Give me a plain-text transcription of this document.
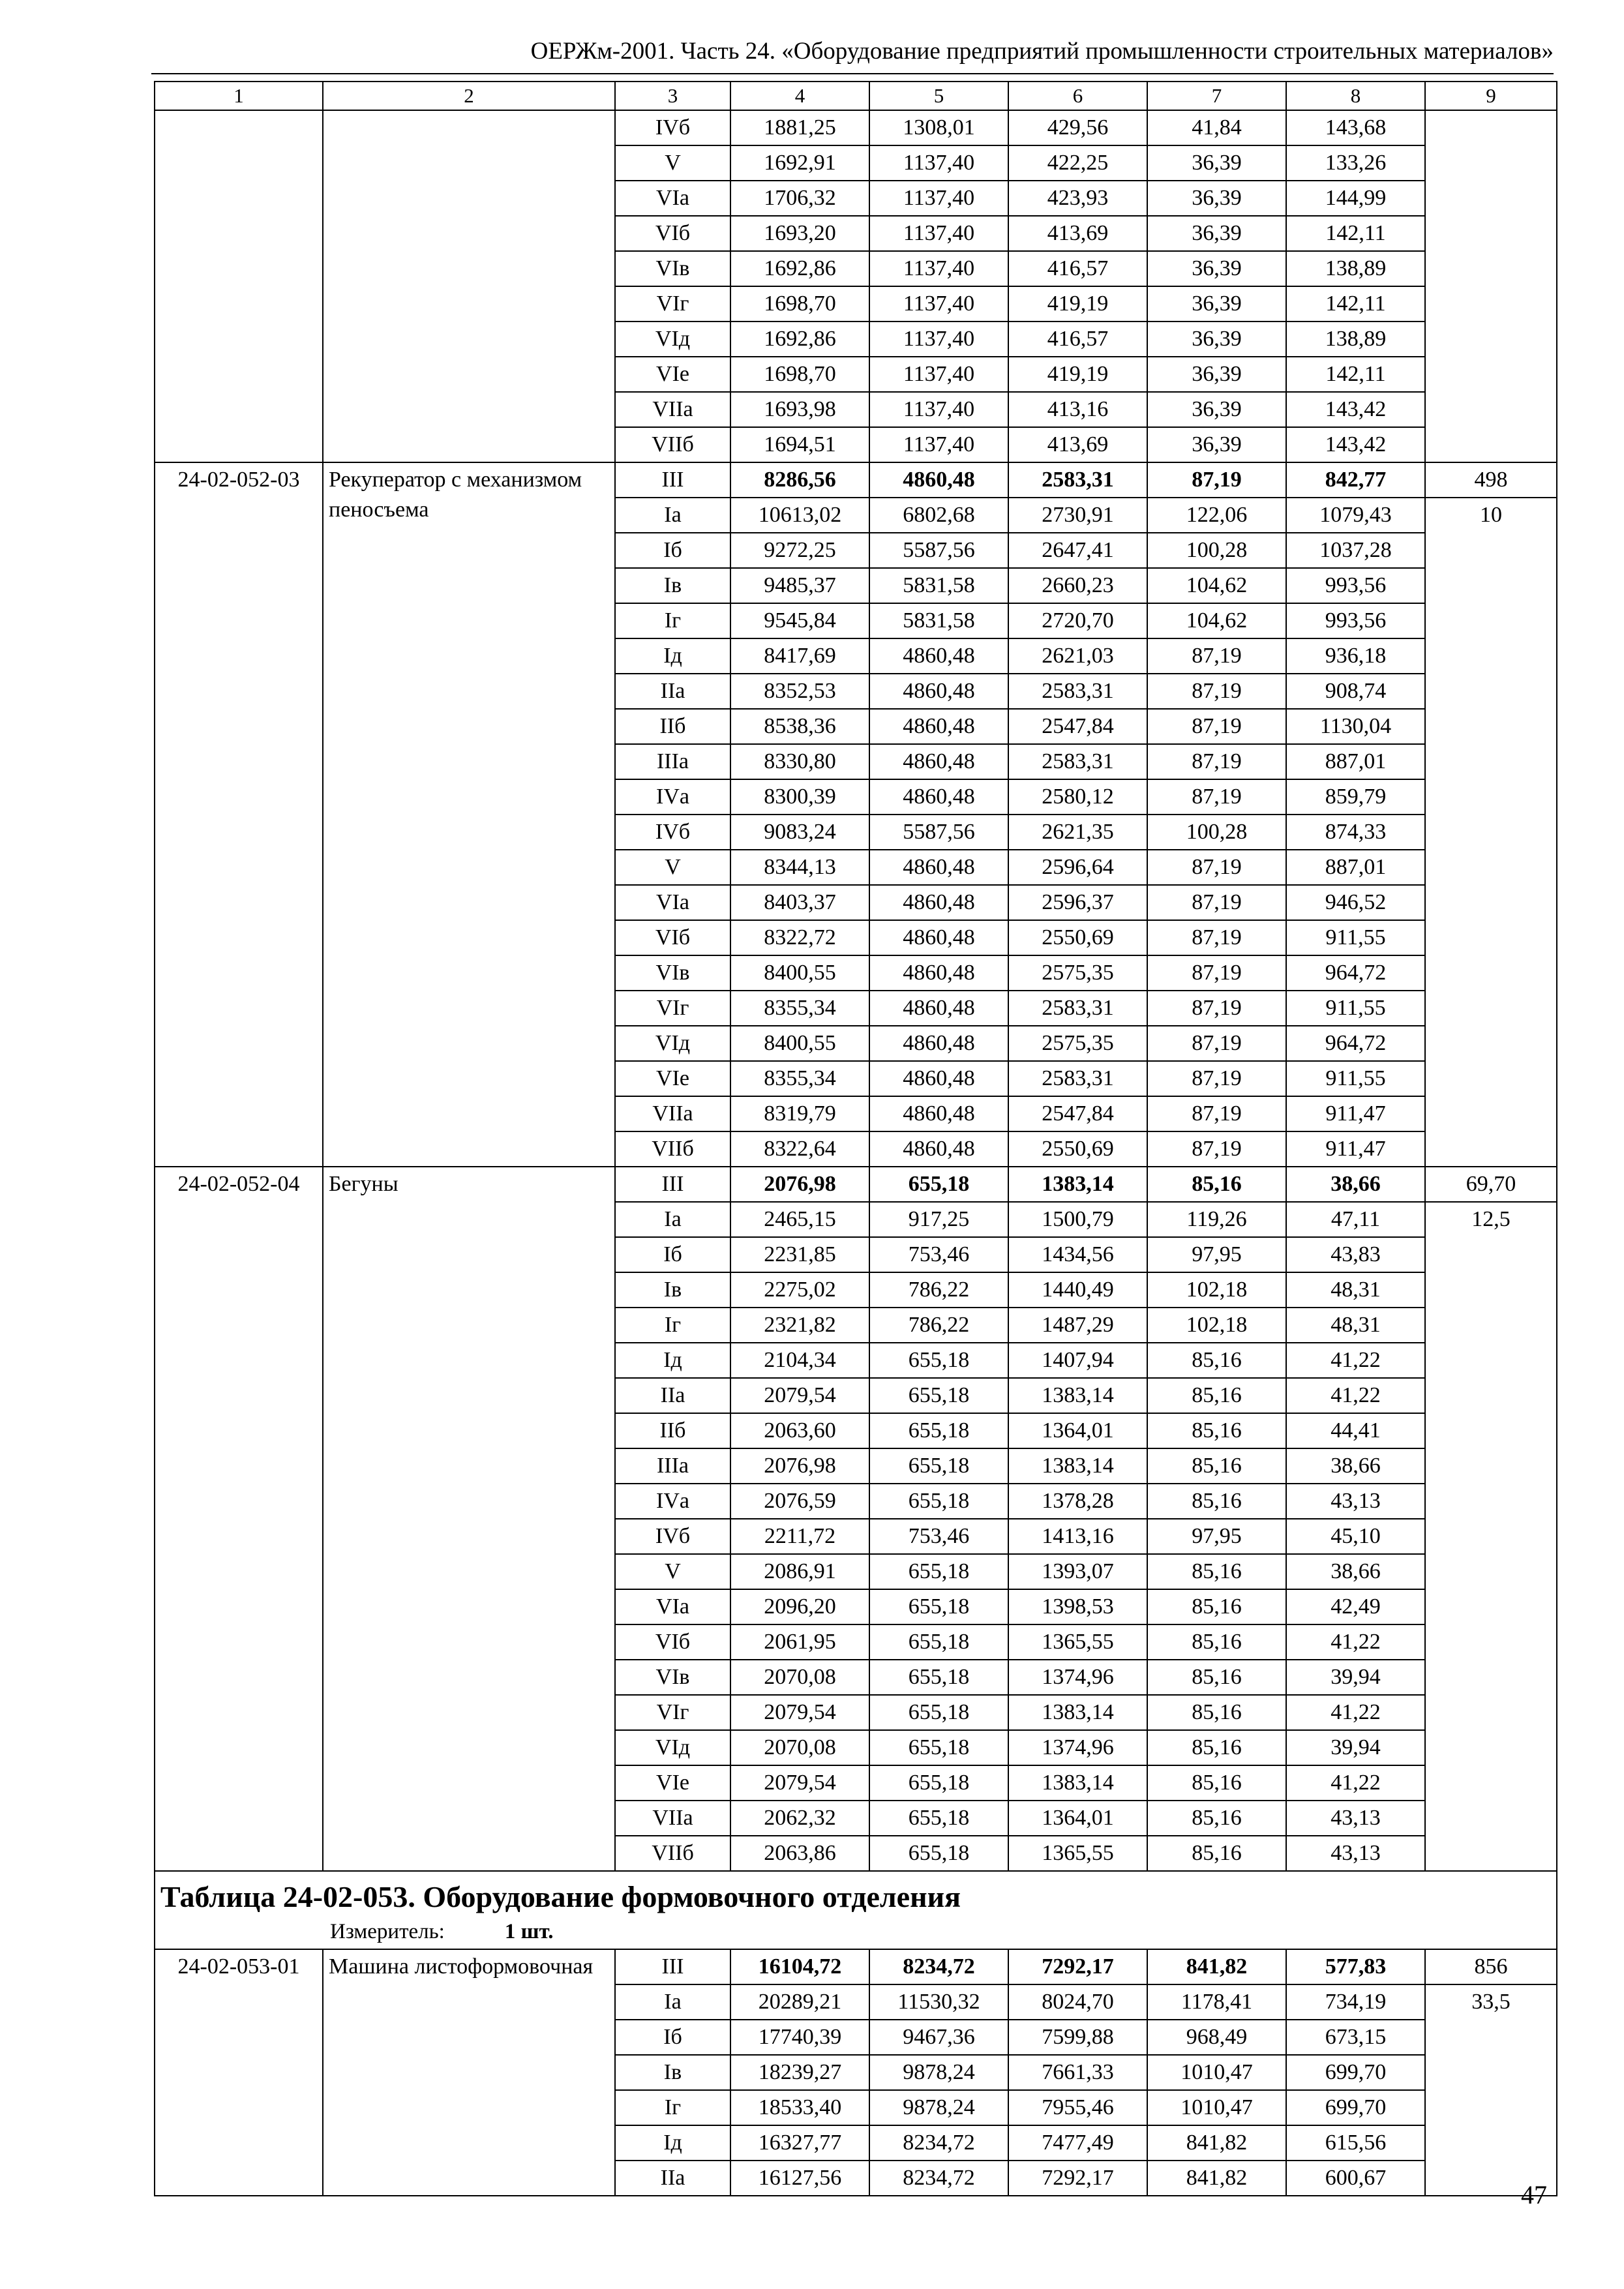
ОЕРЖм-2001. Часть 24. «Оборудование предприятий промышленности строительных материалов»
1	2	3	4	5	6	7	8	9
		IVб	1881,25	1308,01	429,56	41,84	143,68	
		V	1692,91	1137,40	422,25	36,39	133,26	
		VIа	1706,32	1137,40	423,93	36,39	144,99	
		VIб	1693,20	1137,40	413,69	36,39	142,11	
		VIв	1692,86	1137,40	416,57	36,39	138,89	
		VIг	1698,70	1137,40	419,19	36,39	142,11	
		VIд	1692,86	1137,40	416,57	36,39	138,89	
		VIе	1698,70	1137,40	419,19	36,39	142,11	
		VIIа	1693,98	1137,40	413,16	36,39	143,42	
		VIIб	1694,51	1137,40	413,69	36,39	143,42	
24-02-052-03	Рекуператор с механизмом пеносъема	III	8286,56	4860,48	2583,31	87,19	842,77	498
		Iа	10613,02	6802,68	2730,91	122,06	1079,43	10
		Iб	9272,25	5587,56	2647,41	100,28	1037,28	
		Iв	9485,37	5831,58	2660,23	104,62	993,56	
		Iг	9545,84	5831,58	2720,70	104,62	993,56	
		Iд	8417,69	4860,48	2621,03	87,19	936,18	
		IIа	8352,53	4860,48	2583,31	87,19	908,74	
		IIб	8538,36	4860,48	2547,84	87,19	1130,04	
		IIIа	8330,80	4860,48	2583,31	87,19	887,01	
		IVа	8300,39	4860,48	2580,12	87,19	859,79	
		IVб	9083,24	5587,56	2621,35	100,28	874,33	
		V	8344,13	4860,48	2596,64	87,19	887,01	
		VIа	8403,37	4860,48	2596,37	87,19	946,52	
		VIб	8322,72	4860,48	2550,69	87,19	911,55	
		VIв	8400,55	4860,48	2575,35	87,19	964,72	
		VIг	8355,34	4860,48	2583,31	87,19	911,55	
		VIд	8400,55	4860,48	2575,35	87,19	964,72	
		VIе	8355,34	4860,48	2583,31	87,19	911,55	
		VIIа	8319,79	4860,48	2547,84	87,19	911,47	
		VIIб	8322,64	4860,48	2550,69	87,19	911,47	
24-02-052-04	Бегуны	III	2076,98	655,18	1383,14	85,16	38,66	69,70
		Iа	2465,15	917,25	1500,79	119,26	47,11	12,5
		Iб	2231,85	753,46	1434,56	97,95	43,83	
		Iв	2275,02	786,22	1440,49	102,18	48,31	
		Iг	2321,82	786,22	1487,29	102,18	48,31	
		Iд	2104,34	655,18	1407,94	85,16	41,22	
		IIа	2079,54	655,18	1383,14	85,16	41,22	
		IIб	2063,60	655,18	1364,01	85,16	44,41	
		IIIа	2076,98	655,18	1383,14	85,16	38,66	
		IVа	2076,59	655,18	1378,28	85,16	43,13	
		IVб	2211,72	753,46	1413,16	97,95	45,10	
		V	2086,91	655,18	1393,07	85,16	38,66	
		VIа	2096,20	655,18	1398,53	85,16	42,49	
		VIб	2061,95	655,18	1365,55	85,16	41,22	
		VIв	2070,08	655,18	1374,96	85,16	39,94	
		VIг	2079,54	655,18	1383,14	85,16	41,22	
		VIд	2070,08	655,18	1374,96	85,16	39,94	
		VIе	2079,54	655,18	1383,14	85,16	41,22	
		VIIа	2062,32	655,18	1364,01	85,16	43,13	
		VIIб	2063,86	655,18	1365,55	85,16	43,13	

Таблица 24-02-053. Оборудование формовочного отделения
Измеритель: 1 шт.								

24-02-053-01	Машина листоформовочная	III	16104,72	8234,72	7292,17	841,82	577,83	856
		Iа	20289,21	11530,32	8024,70	1178,41	734,19	33,5
		Iб	17740,39	9467,36	7599,88	968,49	673,15	
		Iв	18239,27	9878,24	7661,33	1010,47	699,70	
		Iг	18533,40	9878,24	7955,46	1010,47	699,70	
		Iд	16327,77	8234,72	7477,49	841,82	615,56	
		IIа	16127,56	8234,72	7292,17	841,82	600,67	
47
